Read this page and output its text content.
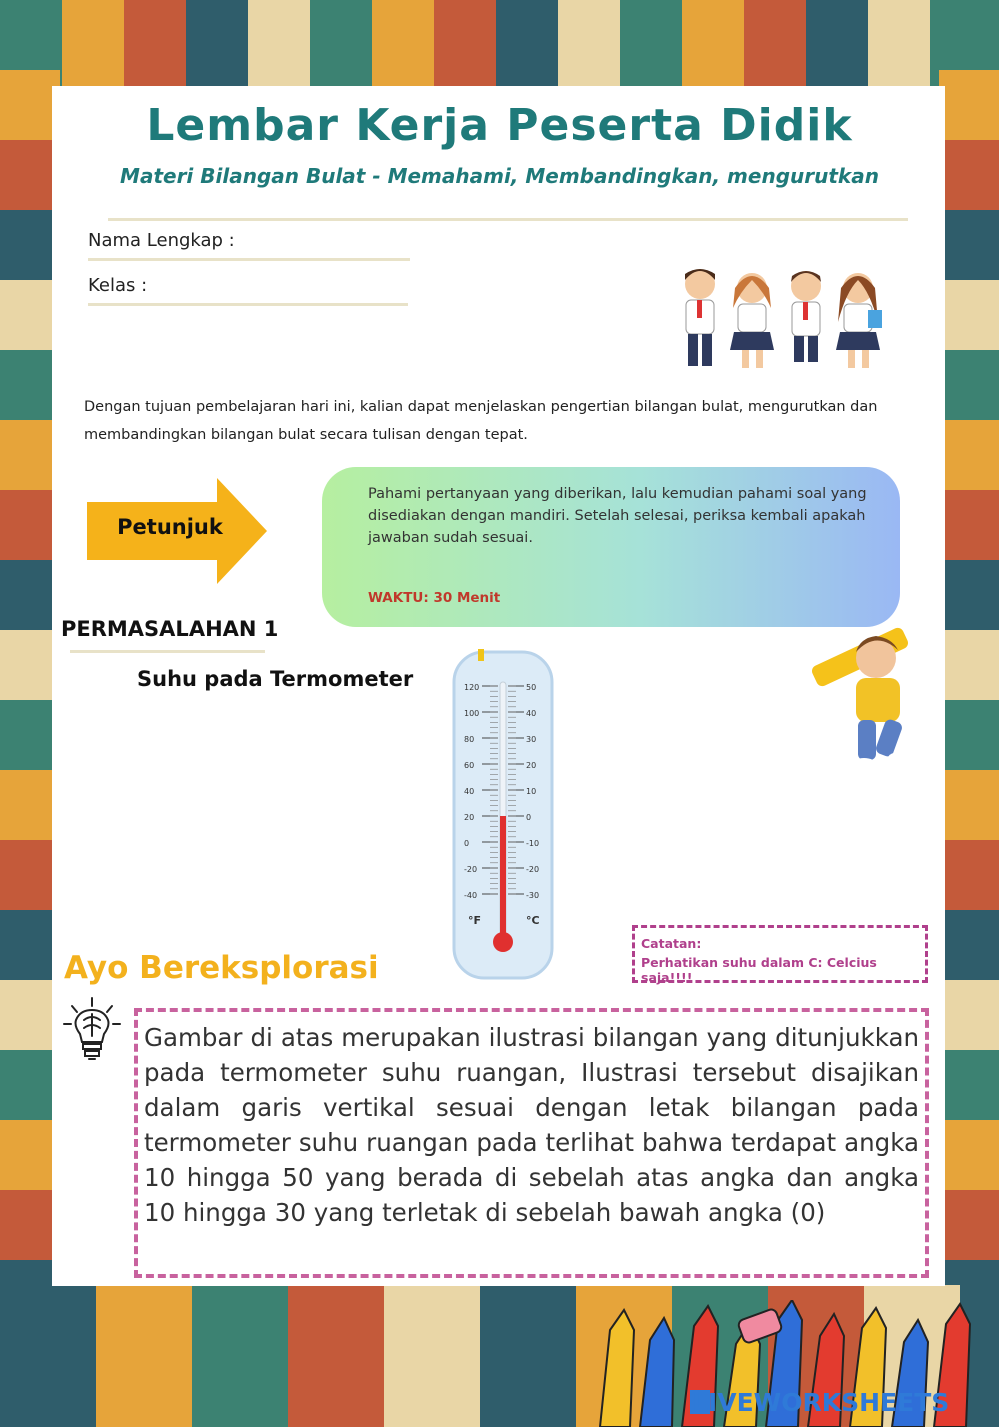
Lembar Kerja Peserta Didik
Materi Bilangan Bulat - Memahami, Membandingkan, mengurutkan
Nama Lengkap :
Kelas :
Dengan tujuan pembelajaran hari ini, kalian dapat menjelaskan pengertian bilangan bulat, mengurutkan dan membandingkan bilangan bulat secara tulisan dengan tepat.
Petunjuk
Pahami pertanyaan yang diberikan, lalu kemudian pahami soal yang disediakan dengan mandiri. Setelah selesai, periksa kembali apakah jawaban sudah sesuai.
WAKTU: 30 Menit
PERMASALAHAN 1
Suhu pada Termometer	120
100
80
60
40
20
0
-20
-40
50
40
30
20
10
0
-10
-20
-30
°F	°C
Catatan:
Perhatikan suhu dalam C: Celcius saja!!!!
Ayo Bereksplorasi
Gambar di atas merupakan ilustrasi bilangan yang ditunjukkan pada termometer suhu ruangan, Ilustrasi tersebut disajikan dalam garis vertikal sesuai dengan letak bilangan pada termometer suhu ruangan pada terlihat bahwa terdapat angka 10 hingga 50 yang berada di sebelah atas angka dan angka 10 hingga 30 yang terletak di sebelah bawah angka (0)
LIVEWORKSHEETS
